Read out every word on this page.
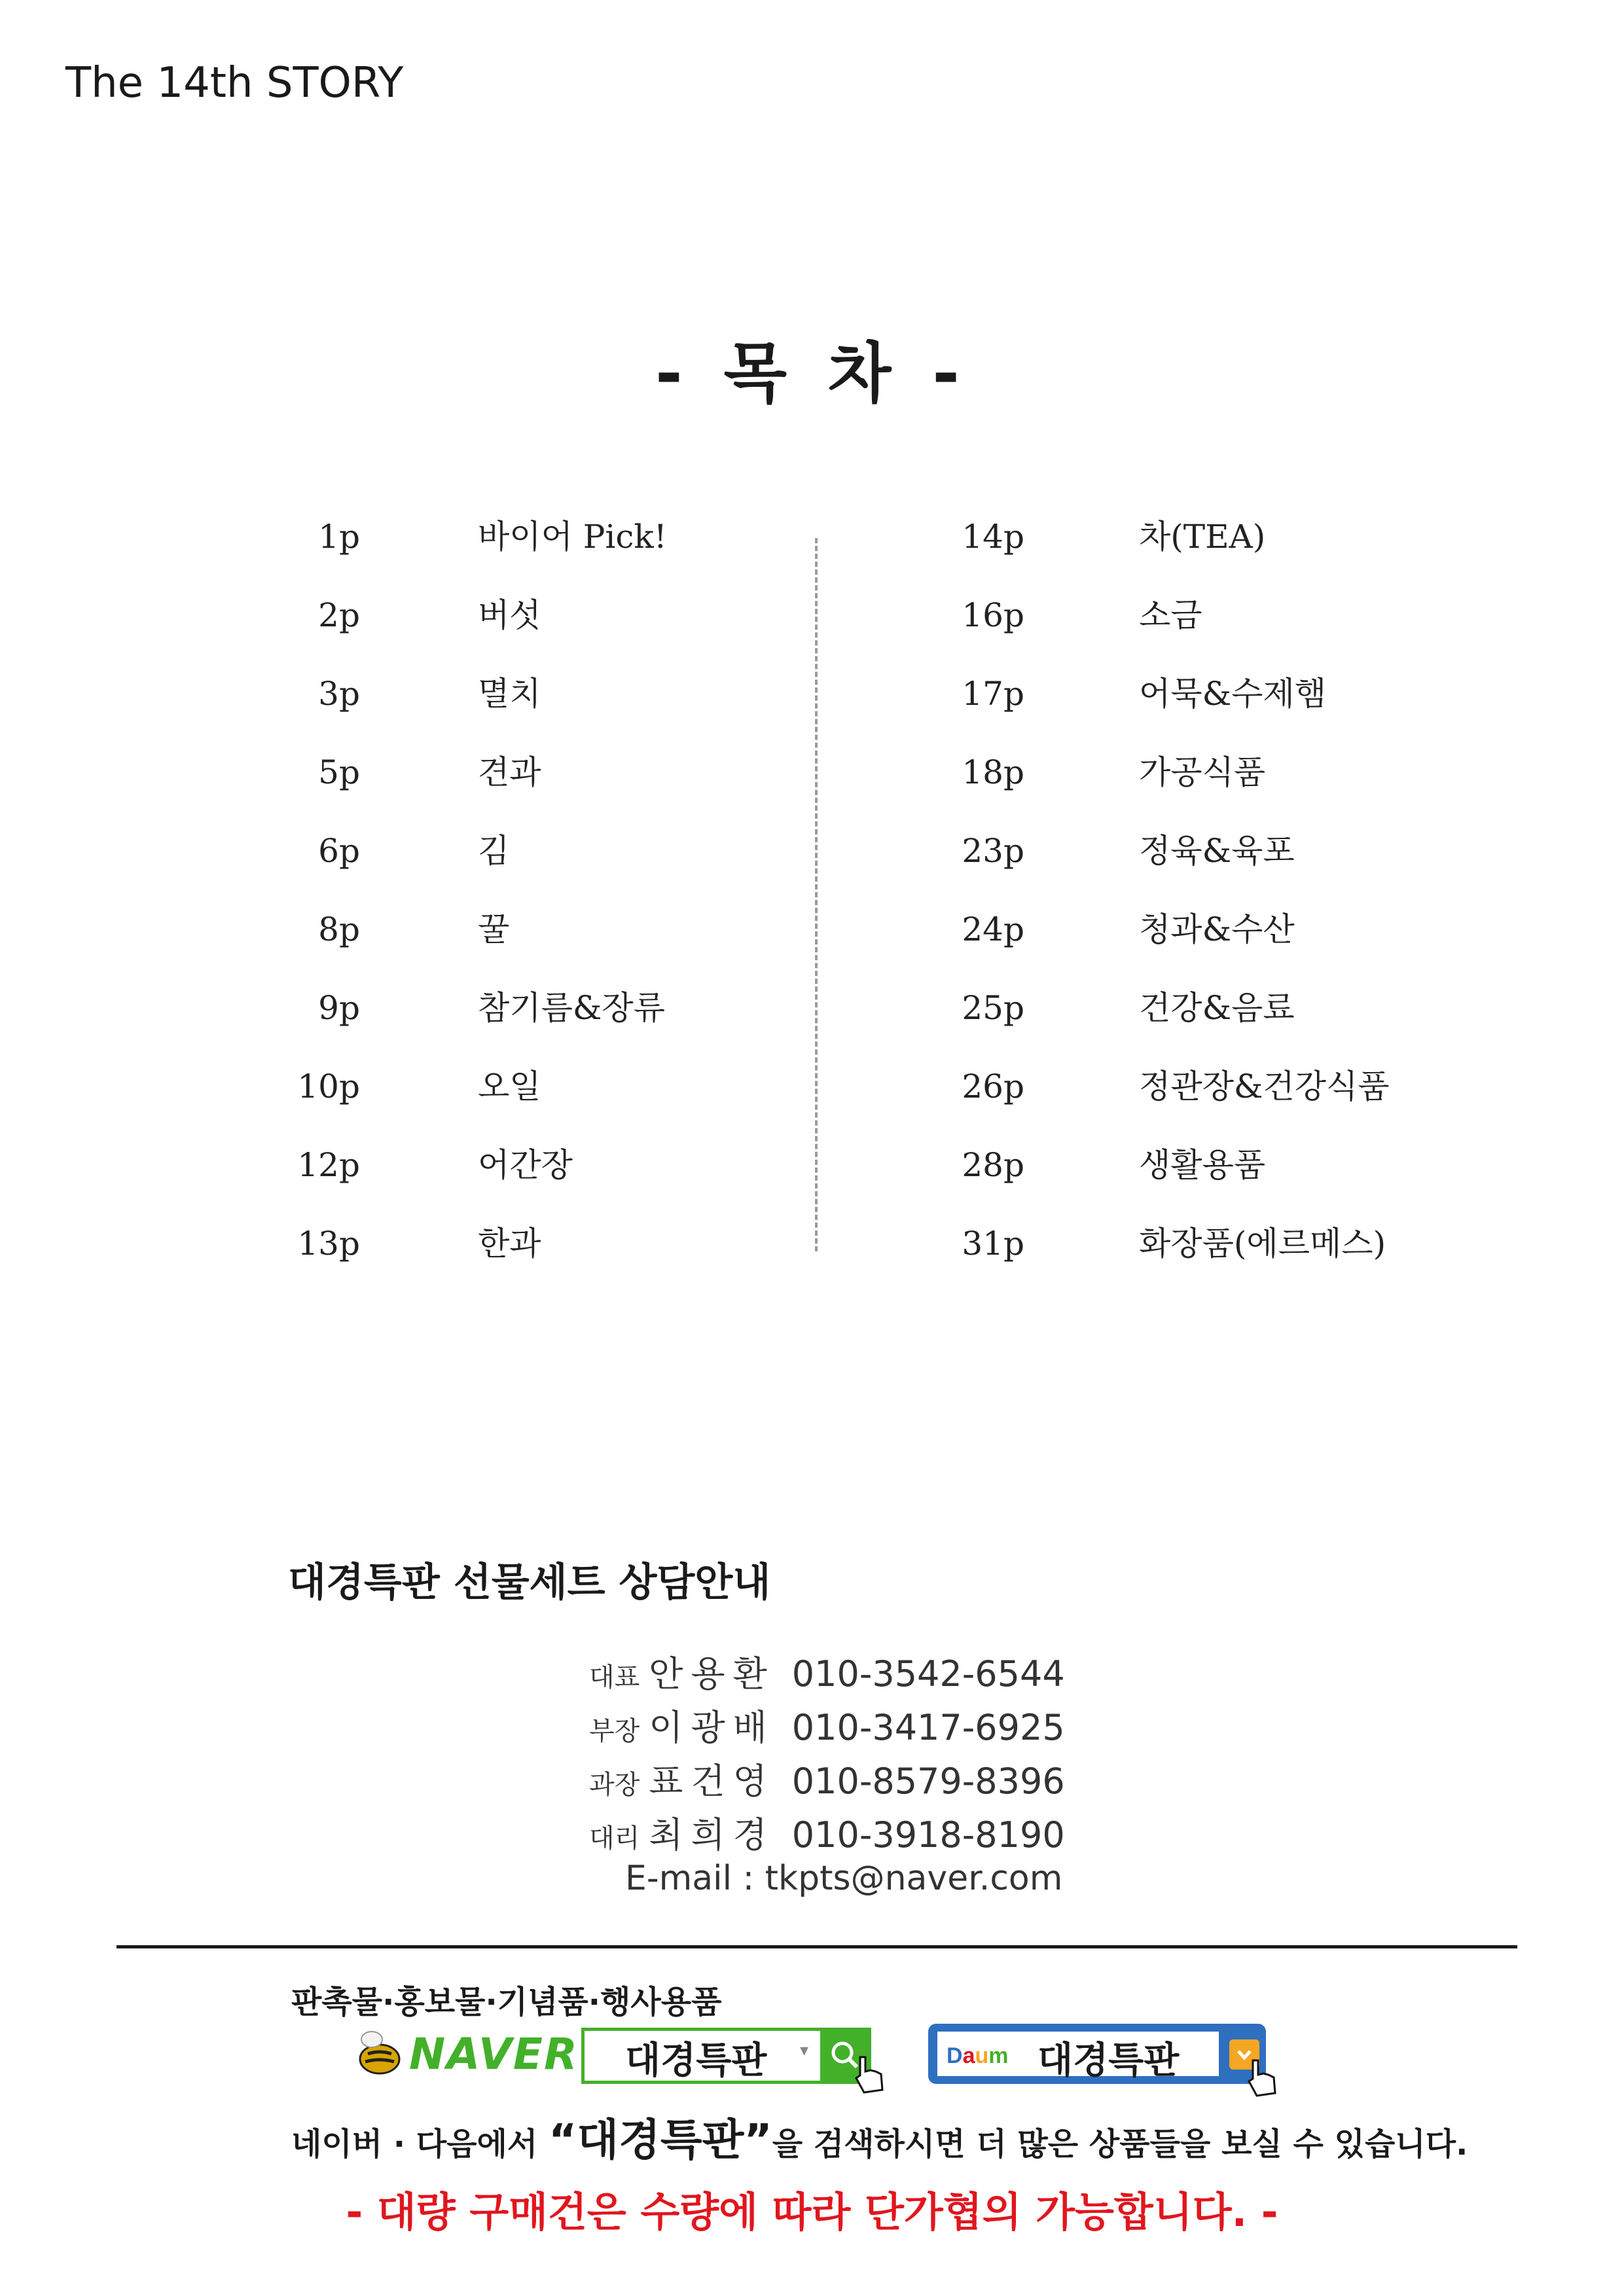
The 14th STORY
- 목 차 -
1p	바이어 Pick!
2p	버섯
3p	멸치
5p	견과
6p	김
8p	꿀
9p	참기름&장류
10p	오일
12p	어간장
13p	한과
14p	차(TEA)
16p	소금
17p	어묵&수제햄
18p	가공식품
23p	정육&육포
24p	청과&수산
25p	건강&음료
26p	정관장&건강식품
28p	생활용품
31p	화장품(에르메스)
대경특판 선물세트 상담안내
대표 안용환 010-3542-6544
부장 이광배 010-3417-6925
과장 표건영 010-8579-8396
대리 최희경 010-3918-8190
E-mail : tkpts@naver.com
판촉물·홍보물·기념품·행사용품
NAVER 대경특판 ▾	Daum 대경특판
네이버 · 다음에서 “대경특판”을 검색하시면 더 많은 상품들을 보실 수 있습니다.
- 대량 구매건은 수량에 따라 단가협의 가능합니다. -
